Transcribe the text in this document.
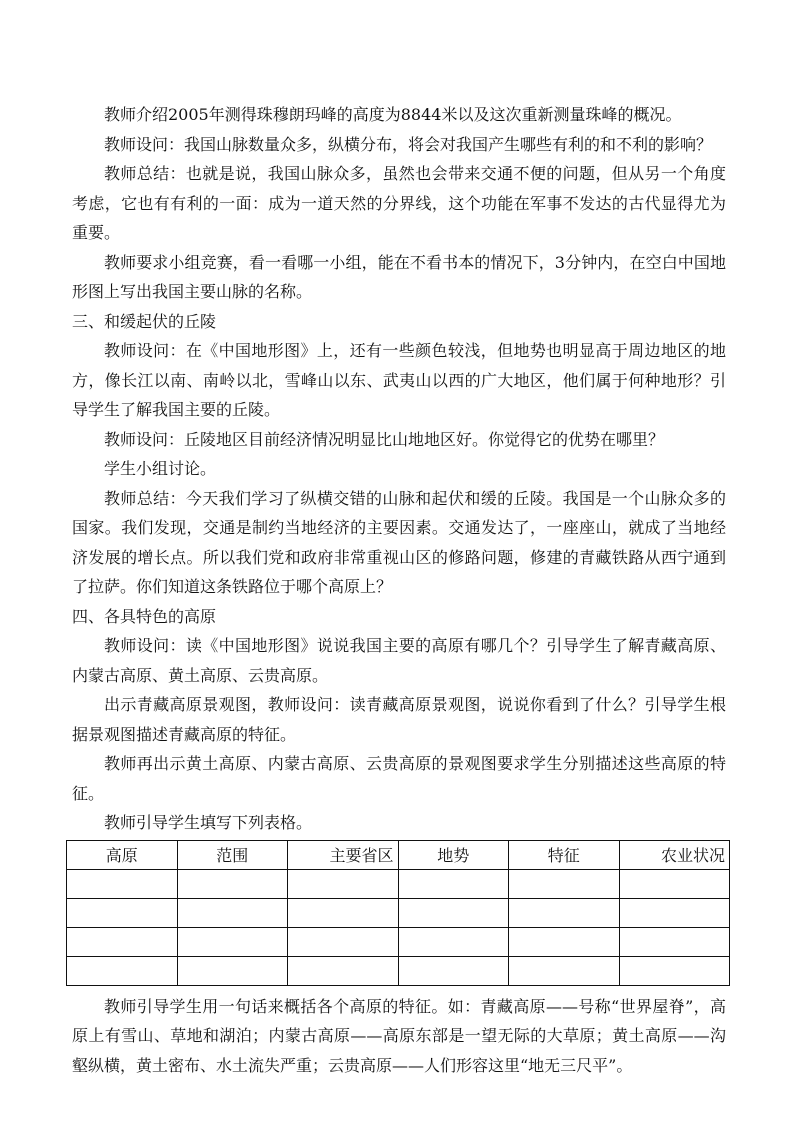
教师介绍2005年测得珠穆朗玛峰的高度为8844米以及这次重新测量珠峰的概况。

教师设问：我国山脉数量众多，纵横分布，将会对我国产生哪些有利的和不利的影响？

教师总结：也就是说，我国山脉众多，虽然也会带来交通不便的问题，但从另一个角度考虑，它也有有利的一面：成为一道天然的分界线，这个功能在军事不发达的古代显得尤为重要。

教师要求小组竞赛，看一看哪一小组，能在不看书本的情况下，3分钟内，在空白中国地形图上写出我国主要山脉的名称。

三、和缓起伏的丘陵

教师设问：在《中国地形图》上，还有一些颜色较浅，但地势也明显高于周边地区的地方，像长江以南、南岭以北，雪峰山以东、武夷山以西的广大地区，他们属于何种地形？引导学生了解我国主要的丘陵。

教师设问：丘陵地区目前经济情况明显比山地地区好。你觉得它的优势在哪里？

学生小组讨论。

教师总结：今天我们学习了纵横交错的山脉和起伏和缓的丘陵。我国是一个山脉众多的国家。我们发现，交通是制约当地经济的主要因素。交通发达了，一座座山，就成了当地经济发展的增长点。所以我们党和政府非常重视山区的修路问题，修建的青藏铁路从西宁通到了拉萨。你们知道这条铁路位于哪个高原上？

四、各具特色的高原

教师设问：读《中国地形图》说说我国主要的高原有哪几个？引导学生了解青藏高原、内蒙古高原、黄土高原、云贵高原。

出示青藏高原景观图，教师设问：读青藏高原景观图，说说你看到了什么？引导学生根据景观图描述青藏高原的特征。

教师再出示黄土高原、内蒙古高原、云贵高原的景观图要求学生分别描述这些高原的特征。

教师引导学生填写下列表格。

高原	范围	主要省区	地势	特征	农业状况

教师引导学生用一句话来概括各个高原的特征。如：青藏高原——号称“世界屋脊”，高原上有雪山、草地和湖泊；内蒙古高原——高原东部是一望无际的大草原；黄土高原——沟壑纵横，黄土密布、水土流失严重；云贵高原——人们形容这里“地无三尺平”。
